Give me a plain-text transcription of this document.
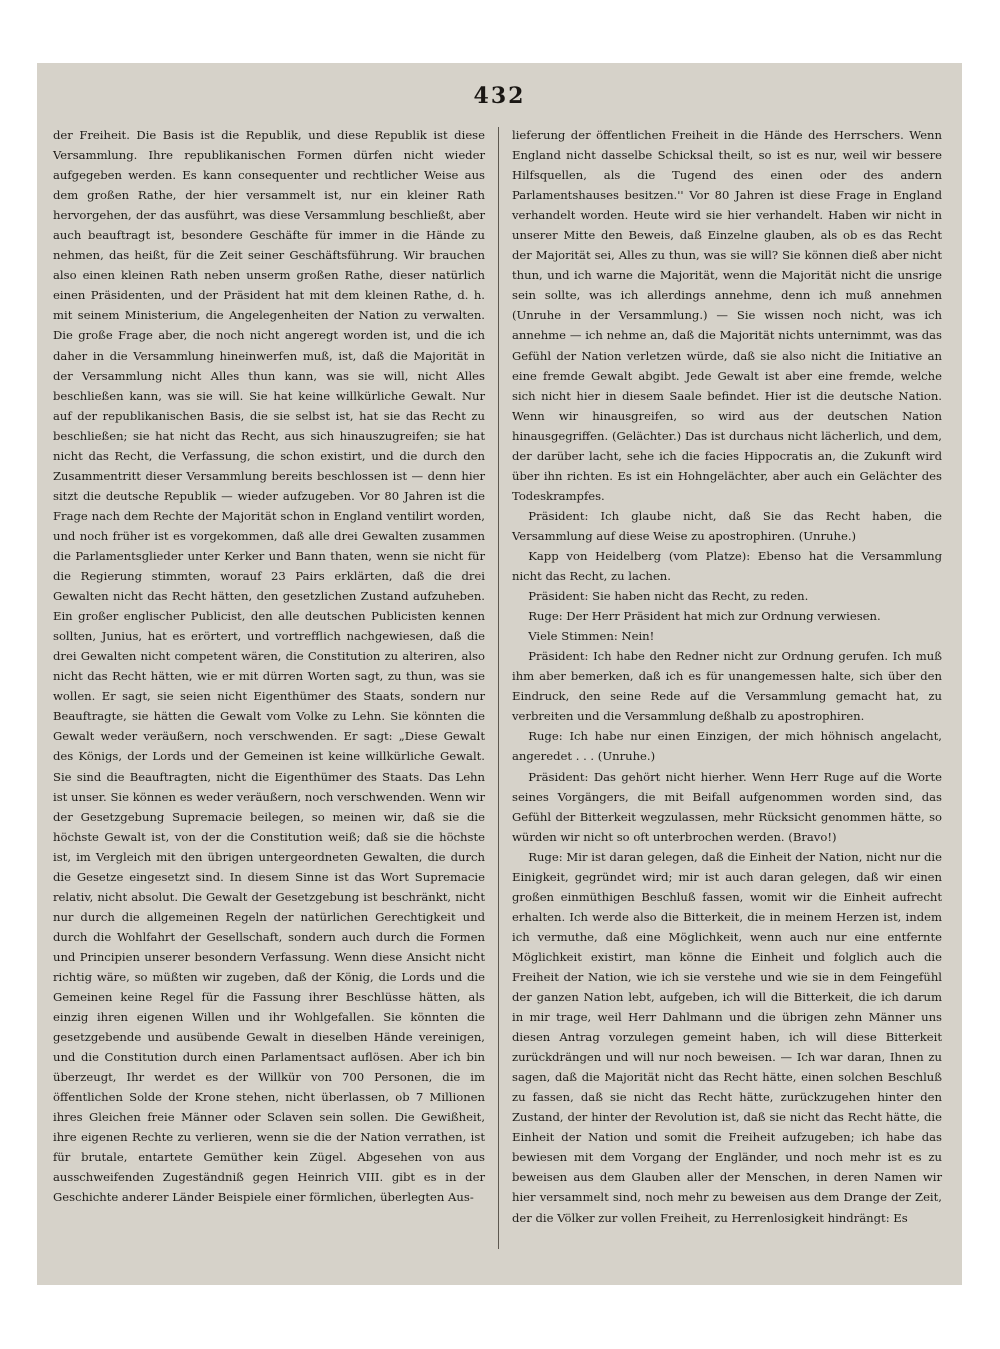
432

der Freiheit. Die Basis ist die Republik, und diese Republik ist diese Versammlung. Ihre republikanischen Formen dürfen nicht wieder aufgegeben werden. Es kann consequenter und rechtlicher Weise aus dem großen Rathe, der hier versammelt ist, nur ein kleiner Rath hervorgehen, der das ausführt, was diese Versammlung beschließt, aber auch beauftragt ist, besondere Geschäfte für immer in die Hände zu nehmen, das heißt, für die Zeit seiner Geschäftsführung. Wir brauchen also einen kleinen Rath neben unserm großen Rathe, dieser natürlich einen Präsidenten, und der Präsident hat mit dem kleinen Rathe, d. h. mit seinem Ministerium, die Angelegenheiten der Nation zu verwalten. Die große Frage aber, die noch nicht angeregt worden ist, und die ich daher in die Versammlung hineinwerfen muß, ist, daß die Majorität in der Versammlung nicht Alles thun kann, was sie will, nicht Alles beschließen kann, was sie will. Sie hat keine willkürliche Gewalt. Nur auf der republikanischen Basis, die sie selbst ist, hat sie das Recht zu beschließen; sie hat nicht das Recht, aus sich hinauszugreifen; sie hat nicht das Recht, die Verfassung, die schon existirt, und die durch den Zusammentritt dieser Versammlung bereits beschlossen ist — denn hier sitzt die deutsche Republik — wieder aufzugeben. Vor 80 Jahren ist die Frage nach dem Rechte der Majorität schon in England ventilirt worden, und noch früher ist es vorgekommen, daß alle drei Gewalten zusammen die Parlamentsglieder unter Kerker und Bann thaten, wenn sie nicht für die Regierung stimmten, worauf 23 Pairs erklärten, daß die drei Gewalten nicht das Recht hätten, den gesetzlichen Zustand aufzuheben. Ein großer englischer Publicist, den alle deutschen Publicisten kennen sollten, Junius, hat es erörtert, und vortrefflich nachgewiesen, daß die drei Gewalten nicht competent wären, die Constitution zu alteriren, also nicht das Recht hätten, wie er mit dürren Worten sagt, zu thun, was sie wollen. Er sagt, sie seien nicht Eigenthümer des Staats, sondern nur Beauftragte, sie hätten die Gewalt vom Volke zu Lehn. Sie könnten die Gewalt weder veräußern, noch verschwenden. Er sagt: „Diese Gewalt des Königs, der Lords und der Gemeinen ist keine willkürliche Gewalt. Sie sind die Beauftragten, nicht die Eigenthümer des Staats. Das Lehn ist unser. Sie können es weder veräußern, noch verschwenden. Wenn wir der Gesetzgebung Supremacie beilegen, so meinen wir, daß sie die höchste Gewalt ist, von der die Constitution weiß; daß sie die höchste ist, im Vergleich mit den übrigen untergeordneten Gewalten, die durch die Gesetze eingesetzt sind. In diesem Sinne ist das Wort Supremacie relativ, nicht absolut. Die Gewalt der Gesetzgebung ist beschränkt, nicht nur durch die allgemeinen Regeln der natürlichen Gerechtigkeit und durch die Wohlfahrt der Gesellschaft, sondern auch durch die Formen und Principien unserer besondern Verfassung. Wenn diese Ansicht nicht richtig wäre, so müßten wir zugeben, daß der König, die Lords und die Gemeinen keine Regel für die Fassung ihrer Beschlüsse hätten, als einzig ihren eigenen Willen und ihr Wohlgefallen. Sie könnten die gesetzgebende und ausübende Gewalt in dieselben Hände vereinigen, und die Constitution durch einen Parlamentsact auflösen. Aber ich bin überzeugt, Ihr werdet es der Willkür von 700 Personen, die im öffentlichen Solde der Krone stehen, nicht überlassen, ob 7 Millionen ihres Gleichen freie Männer oder Sclaven sein sollen. Die Gewißheit, ihre eigenen Rechte zu verlieren, wenn sie die der Nation verrathen, ist für brutale, entartete Gemüther kein Zügel. Abgesehen von aus ausschweifenden Zugeständniß gegen Heinrich VIII. gibt es in der Geschichte anderer Länder Beispiele einer förmlichen, überlegten Aus-

lieferung der öffentlichen Freiheit in die Hände des Herrschers. Wenn England nicht dasselbe Schicksal theilt, so ist es nur, weil wir bessere Hilfsquellen, als die Tugend des einen oder des andern Parlamentshauses besitzen.'' Vor 80 Jahren ist diese Frage in England verhandelt worden. Heute wird sie hier verhandelt. Haben wir nicht in unserer Mitte den Beweis, daß Einzelne glauben, als ob es das Recht der Majorität sei, Alles zu thun, was sie will? Sie können dieß aber nicht thun, und ich warne die Majorität, wenn die Majorität nicht die unsrige sein sollte, was ich allerdings annehme, denn ich muß annehmen (Unruhe in der Versammlung.) — Sie wissen noch nicht, was ich annehme — ich nehme an, daß die Majorität nichts unternimmt, was das Gefühl der Nation verletzen würde, daß sie also nicht die Initiative an eine fremde Gewalt abgibt. Jede Gewalt ist aber eine fremde, welche sich nicht hier in diesem Saale befindet. Hier ist die deutsche Nation. Wenn wir hinausgreifen, so wird aus der deutschen Nation hinausgegriffen. (Gelächter.) Das ist durchaus nicht lächerlich, und dem, der darüber lacht, sehe ich die facies Hippocratis an, die Zukunft wird über ihn richten. Es ist ein Hohngelächter, aber auch ein Gelächter des Todeskrampfes.

Präsident: Ich glaube nicht, daß Sie das Recht haben, die Versammlung auf diese Weise zu apostrophiren. (Unruhe.)

Kapp von Heidelberg (vom Platze): Ebenso hat die Versammlung nicht das Recht, zu lachen.

Präsident: Sie haben nicht das Recht, zu reden.

Ruge: Der Herr Präsident hat mich zur Ordnung verwiesen.

Viele Stimmen: Nein!

Präsident: Ich habe den Redner nicht zur Ordnung gerufen. Ich muß ihm aber bemerken, daß ich es für unangemessen halte, sich über den Eindruck, den seine Rede auf die Versammlung gemacht hat, zu verbreiten und die Versammlung deßhalb zu apostrophiren.

Ruge: Ich habe nur einen Einzigen, der mich höhnisch angelacht, angeredet . . . (Unruhe.)

Präsident: Das gehört nicht hierher. Wenn Herr Ruge auf die Worte seines Vorgängers, die mit Beifall aufgenommen worden sind, das Gefühl der Bitterkeit wegzulassen, mehr Rücksicht genommen hätte, so würden wir nicht so oft unterbrochen werden. (Bravo!)

Ruge: Mir ist daran gelegen, daß die Einheit der Nation, nicht nur die Einigkeit, gegründet wird; mir ist auch daran gelegen, daß wir einen großen einmüthigen Beschluß fassen, womit wir die Einheit aufrecht erhalten. Ich werde also die Bitterkeit, die in meinem Herzen ist, indem ich vermuthe, daß eine Möglichkeit, wenn auch nur eine entfernte Möglichkeit existirt, man könne die Einheit und folglich auch die Freiheit der Nation, wie ich sie verstehe und wie sie in dem Feingefühl der ganzen Nation lebt, aufgeben, ich will die Bitterkeit, die ich darum in mir trage, weil Herr Dahlmann und die übrigen zehn Männer uns diesen Antrag vorzulegen gemeint haben, ich will diese Bitterkeit zurückdrängen und will nur noch beweisen. — Ich war daran, Ihnen zu sagen, daß die Majorität nicht das Recht hätte, einen solchen Beschluß zu fassen, daß sie nicht das Recht hätte, zurückzugehen hinter den Zustand, der hinter der Revolution ist, daß sie nicht das Recht hätte, die Einheit der Nation und somit die Freiheit aufzugeben; ich habe das bewiesen mit dem Vorgang der Engländer, und noch mehr ist es zu beweisen aus dem Glauben aller der Menschen, in deren Namen wir hier versammelt sind, noch mehr zu beweisen aus dem Drange der Zeit, der die Völker zur vollen Freiheit, zu Herrenlosigkeit hindrängt: Es
